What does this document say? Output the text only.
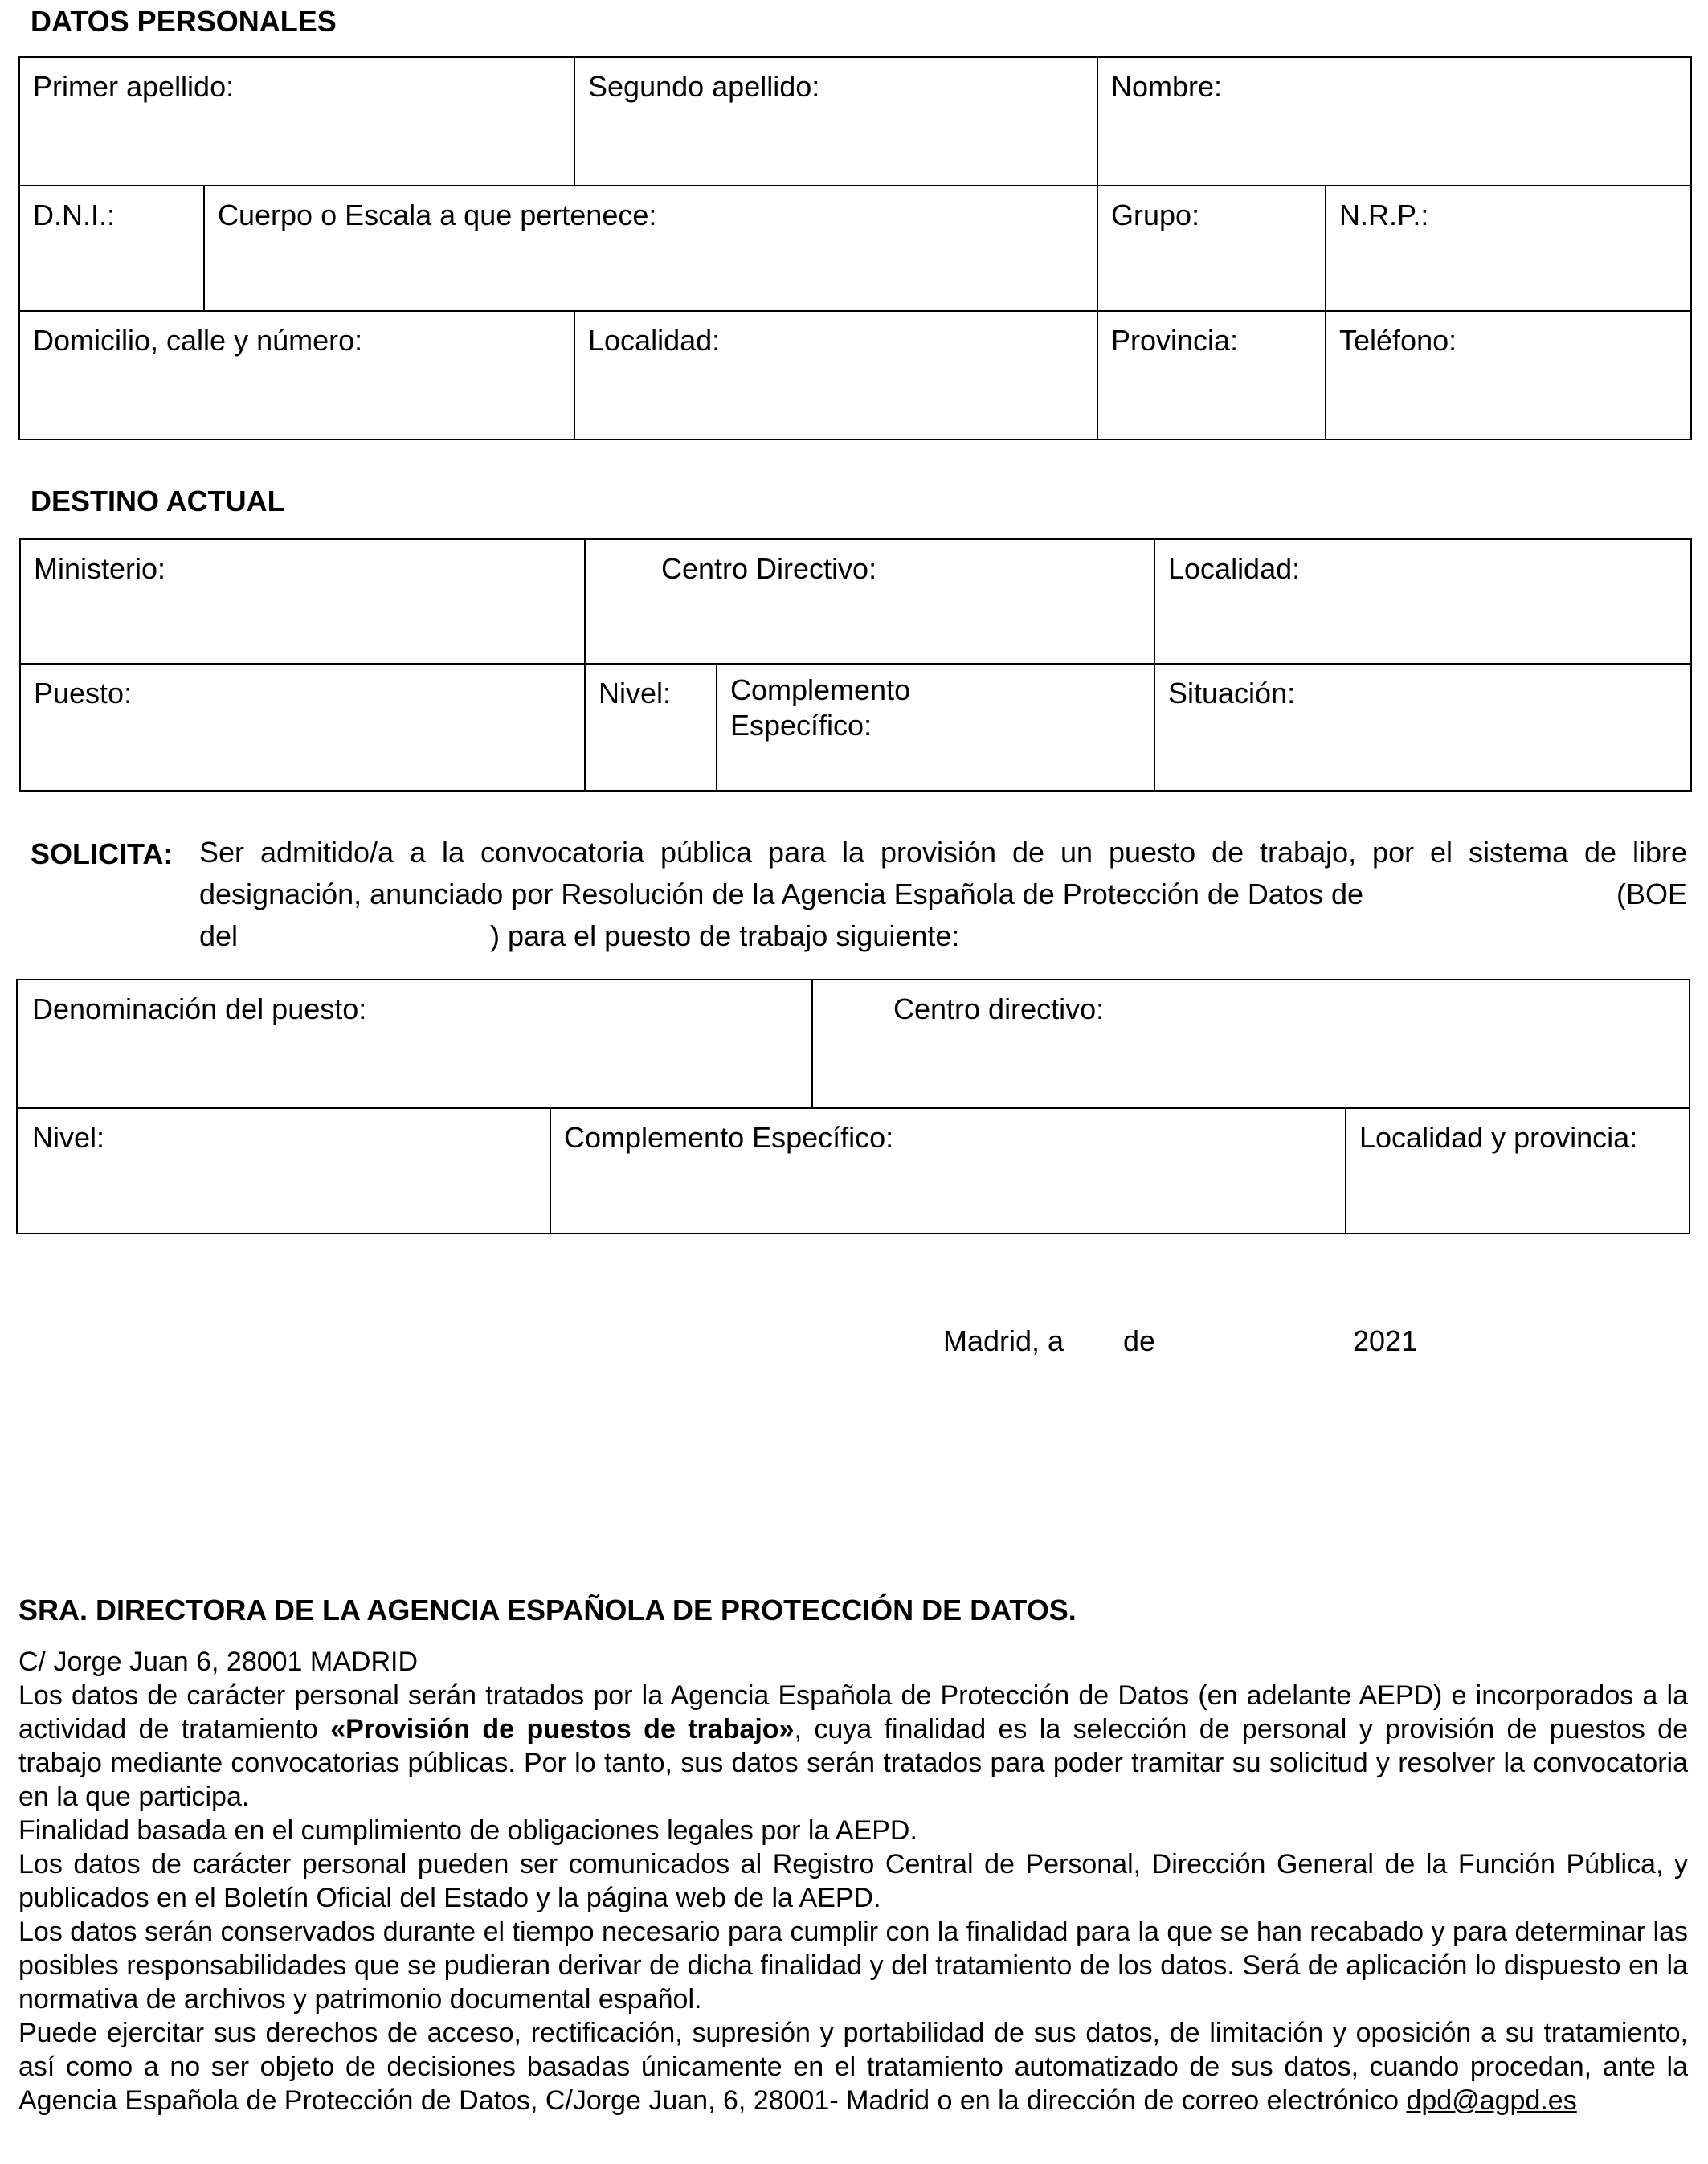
DATOS PERSONALES
Primer apellido:		Segundo apellido:	Nombre:	
D.N.I.:	Cuerpo o Escala a que pertenece:		Grupo:	N.R.P.:
Domicilio, calle y número:		Localidad:	Provincia:	Teléfono:
DESTINO ACTUAL
Ministerio:	Centro Directivo:		Localidad:
Puesto:	Nivel:	Complemento Específico:	Situación:
SOLICITA: Ser admitido/a a la convocatoria pública para la provisión de un puesto de trabajo, por el sistema de libre
designación, anunciado por Resolución de la Agencia Española de Protección de Datos de	(BOE
del	) para el puesto de trabajo siguiente:
Denominación del puesto:		Centro directivo:	
Nivel:	Complemento Específico:		Localidad y provincia:
Madrid, a de	2021
SRA. DIRECTORA DE LA AGENCIA ESPAÑOLA DE PROTECCIÓN DE DATOS.
C/ Jorge Juan 6, 28001 MADRID

Los datos de carácter personal serán tratados por la Agencia Española de Protección de Datos (en adelante AEPD) e incorporados a la actividad de tratamiento «Provisión de puestos de trabajo», cuya finalidad es la selección de personal y provisión de puestos de trabajo mediante convocatorias públicas. Por lo tanto, sus datos serán tratados para poder tramitar su solicitud y resolver la convocatoria en la que participa.

Finalidad basada en el cumplimiento de obligaciones legales por la AEPD.

Los datos de carácter personal pueden ser comunicados al Registro Central de Personal, Dirección General de la Función Pública, y publicados en el Boletín Oficial del Estado y la página web de la AEPD.

Los datos serán conservados durante el tiempo necesario para cumplir con la finalidad para la que se han recabado y para determinar las posibles responsabilidades que se pudieran derivar de dicha finalidad y del tratamiento de los datos. Será de aplicación lo dispuesto en la normativa de archivos y patrimonio documental español.

Puede ejercitar sus derechos de acceso, rectificación, supresión y portabilidad de sus datos, de limitación y oposición a su tratamiento, así como a no ser objeto de decisiones basadas únicamente en el tratamiento automatizado de sus datos, cuando procedan, ante la Agencia Española de Protección de Datos, C/Jorge Juan, 6, 28001- Madrid o en la dirección de correo electrónico dpd@agpd.es
